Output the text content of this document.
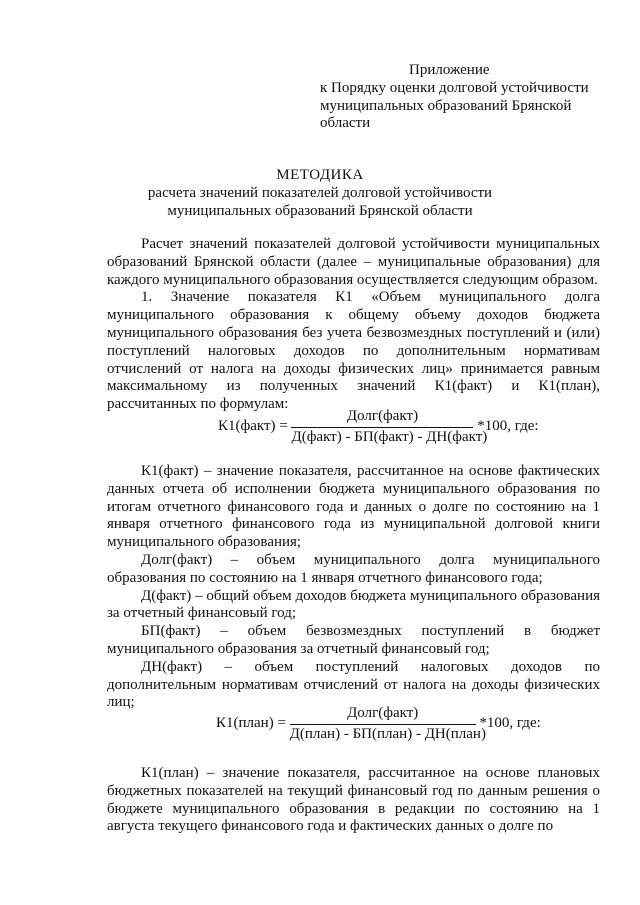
Приложение
к Порядку оценки долговой устойчивости
муниципальных образований Брянской
области
МЕТОДИКА
расчета значений показателей долговой устойчивости
муниципальных образований Брянской области

Расчет значений показателей долговой устойчивости муниципальных образований Брянской области (далее – муниципальные образования) для каждого муниципального образования осуществляется следующим образом.

1. Значение показателя К1 «Объем муниципального долга муниципального образования к общему объему доходов бюджета муниципального образования без учета безвозмездных поступлений и (или) поступлений налоговых доходов по дополнительным нормативам отчислений от налога на доходы физических лиц» принимается равным максимальному из полученных значений К1(факт) и К1(план), рассчитанных по формулам:

К1(факт) = $\frac{\text{Долг(факт)}}{\text{Д(факт) - БП(факт) - ДН(факт)}} *100$, где:

К1(факт) – значение показателя, рассчитанное на основе фактических данных отчета об исполнении бюджета муниципального образования по итогам отчетного финансового года и данных о долге по состоянию на 1 января отчетного финансового года из муниципальной долговой книги муниципального образования;

Долг(факт) – объем муниципального долга муниципального образования по состоянию на 1 января отчетного финансового года;

Д(факт) – общий объем доходов бюджета муниципального образования за отчетный финансовый год;

БП(факт) – объем безвозмездных поступлений в бюджет муниципального образования за отчетный финансовый год;

ДН(факт) – объем поступлений налоговых доходов по дополнительным нормативам отчислений от налога на доходы физических лиц;

К1(план) = $\frac{\text{Долг(факт)}}{\text{Д(план) - БП(план) - ДН(план)}} *100$, где:

К1(план) – значение показателя, рассчитанное на основе плановых бюджетных показателей на текущий финансовый год по данным решения о бюджете муниципального образования в редакции по состоянию на 1 августа текущего финансового года и фактических данных о долге по
